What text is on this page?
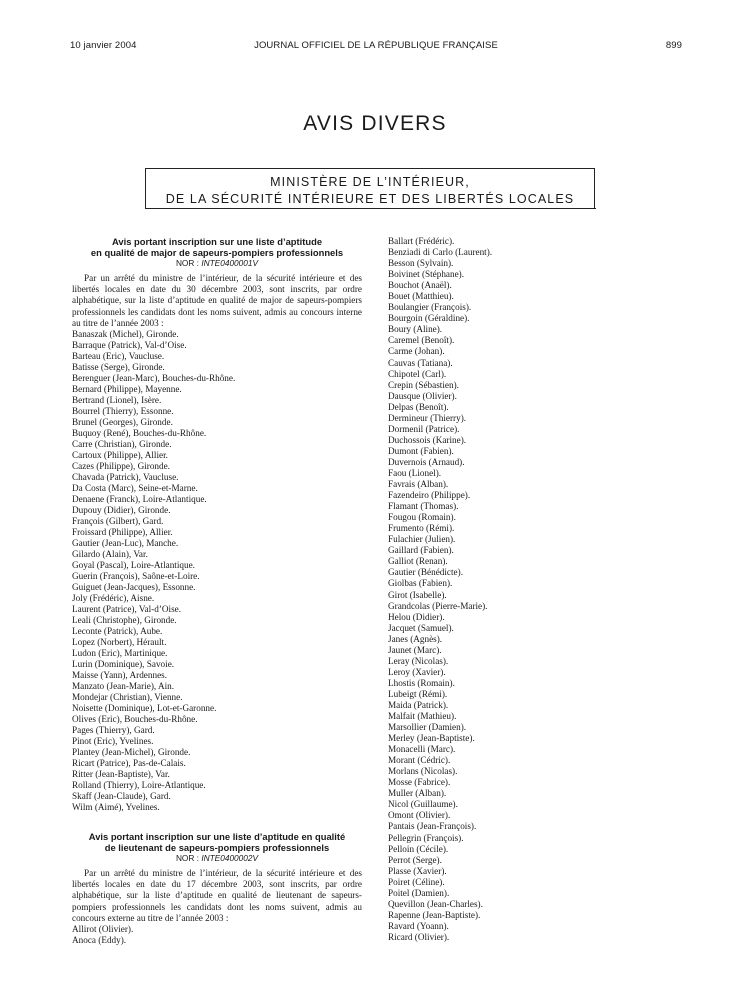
10 janvier 2004	JOURNAL OFFICIEL DE LA RÉPUBLIQUE FRANÇAISE	899
AVIS DIVERS
MINISTÈRE DE L’INTÉRIEUR,
DE LA SÉCURITÉ INTÉRIEURE ET DES LIBERTÉS LOCALES
Avis portant inscription sur une liste d’aptitude
en qualité de major de sapeurs-pompiers professionnels
NOR : INTE0400001V

Par un arrêté du ministre de l’intérieur, de la sécurité intérieure et des libertés locales en date du 30 décembre 2003, sont inscrits, par ordre alphabétique, sur la liste d’aptitude en qualité de major de sapeurs-pompiers professionnels les candidats dont les noms suivent, admis au concours interne au titre de l’année 2003 :

Banaszak (Michel), Gironde.
Barraque (Patrick), Val-d’Oise.
Barteau (Eric), Vaucluse.
Batisse (Serge), Gironde.
Berenguer (Jean-Marc), Bouches-du-Rhône.
Bernard (Philippe), Mayenne.
Bertrand (Lionel), Isère.
Bourrel (Thierry), Essonne.
Brunel (Georges), Gironde.
Buquoy (René), Bouches-du-Rhône.
Carre (Christian), Gironde.
Cartoux (Philippe), Allier.
Cazes (Philippe), Gironde.
Chavada (Patrick), Vaucluse.
Da Costa (Marc), Seine-et-Marne.
Denaene (Franck), Loire-Atlantique.
Dupouy (Didier), Gironde.
François (Gilbert), Gard.
Froissard (Philippe), Allier.
Gautier (Jean-Luc), Manche.
Gilardo (Alain), Var.
Goyal (Pascal), Loire-Atlantique.
Guerin (François), Saône-et-Loire.
Guiguet (Jean-Jacques), Essonne.
Joly (Frédéric), Aisne.
Laurent (Patrice), Val-d’Oise.
Leali (Christophe), Gironde.
Leconte (Patrick), Aube.
Lopez (Norbert), Hérault.
Ludon (Eric), Martinique.
Lurin (Dominique), Savoie.
Maisse (Yann), Ardennes.
Manzato (Jean-Marie), Ain.
Mondejar (Christian), Vienne.
Noisette (Dominique), Lot-et-Garonne.
Olives (Eric), Bouches-du-Rhône.
Pages (Thierry), Gard.
Pinot (Eric), Yvelines.
Plantey (Jean-Michel), Gironde.
Ricart (Patrice), Pas-de-Calais.
Ritter (Jean-Baptiste), Var.
Rolland (Thierry), Loire-Atlantique.
Skaff (Jean-Claude), Gard.
Wilm (Aimé), Yvelines.
Avis portant inscription sur une liste d’aptitude en qualité
de lieutenant de sapeurs-pompiers professionnels
NOR : INTE0400002V

Par un arrêté du ministre de l’intérieur, de la sécurité intérieure et des libertés locales en date du 17 décembre 2003, sont inscrits, par ordre alphabétique, sur la liste d’aptitude en qualité de lieutenant de sapeurs-pompiers professionnels les candidats dont les noms suivent, admis au concours externe au titre de l’année 2003 :

Allirot (Olivier).
Anoca (Eddy).
Ballart (Frédéric).
Benziadi di Carlo (Laurent).
Besson (Sylvain).
Boivinet (Stéphane).
Bouchot (Anaël).
Bouet (Matthieu).
Boulangier (François).
Bourgoin (Géraldine).
Boury (Aline).
Caremel (Benoît).
Carme (Johan).
Cauvas (Tatiana).
Chipotel (Carl).
Crepin (Sébastien).
Dausque (Olivier).
Delpas (Benoît).
Dermineur (Thierry).
Dormenil (Patrice).
Duchossois (Karine).
Dumont (Fabien).
Duvernois (Arnaud).
Faou (Lionel).
Favrais (Alban).
Fazendeiro (Philippe).
Flamant (Thomas).
Fougou (Romain).
Frumento (Rémi).
Fulachier (Julien).
Gaillard (Fabien).
Galliot (Renan).
Gautier (Bénédicte).
Giolbas (Fabien).
Girot (Isabelle).
Grandcolas (Pierre-Marie).
Helou (Didier).
Jacquet (Samuel).
Janes (Agnès).
Jaunet (Marc).
Leray (Nicolas).
Leroy (Xavier).
Lhostis (Romain).
Lubeigt (Rémi).
Maida (Patrick).
Malfait (Mathieu).
Marsollier (Damien).
Merley (Jean-Baptiste).
Monacelli (Marc).
Morant (Cédric).
Morlans (Nicolas).
Mosse (Fabrice).
Muller (Alban).
Nicol (Guillaume).
Omont (Olivier).
Pantais (Jean-François).
Pellegrin (François).
Pelloin (Cécile).
Perrot (Serge).
Plasse (Xavier).
Poiret (Céline).
Poitel (Damien).
Quevillon (Jean-Charles).
Rapenne (Jean-Baptiste).
Ravard (Yoann).
Ricard (Olivier).
